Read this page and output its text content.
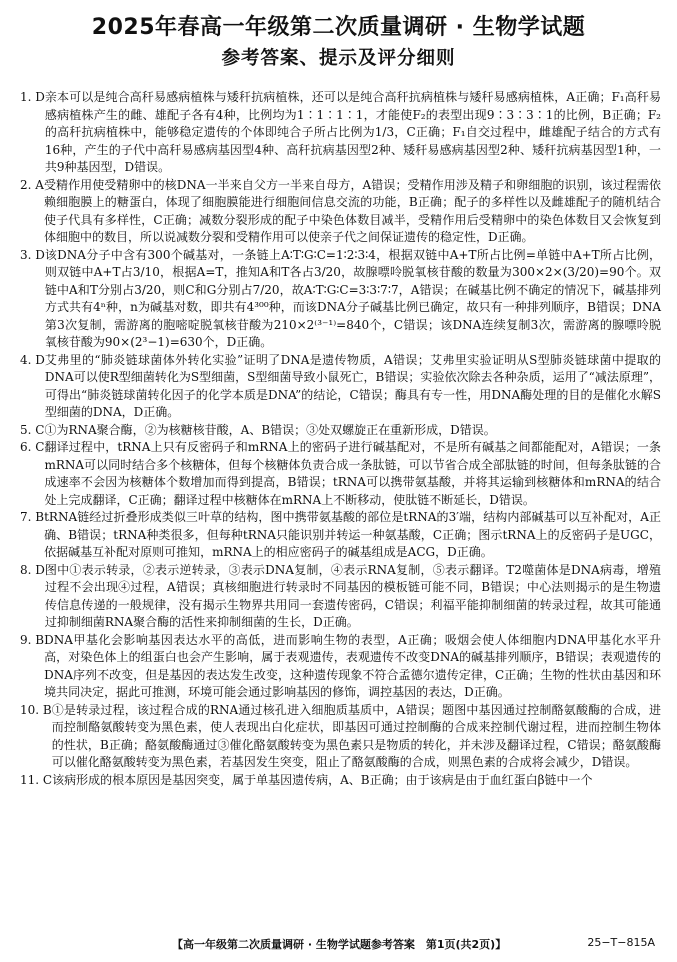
2025年春高一年级第二次质量调研 · 生物学试题
参考答案、提示及评分细则

1. D 亲本可以是纯合高秆易感病植株与矮秆抗病植株，还可以是纯合高秆抗病植株与矮秆易感病植株，A正确；F₁高秆易感病植株产生的雌、雄配子各有4种，比例均为1∶1∶1∶1，才能使F₂的表型出现9∶3∶3∶1的比例，B正确；F₂的高秆抗病植株中，能够稳定遗传的个体即纯合子所占比例为1/3，C正确；F₁自交过程中，雌雄配子结合的方式有16种，产生的子代中高秆易感病基因型4种、高秆抗病基因型2种、矮秆易感病基因型2种、矮秆抗病基因型1种，一共9种基因型，D错误。

2. A 受精作用使受精卵中的核DNA一半来自父方一半来自母方，A错误；受精作用涉及精子和卵细胞的识别，该过程需依赖细胞膜上的糖蛋白，体现了细胞膜能进行细胞间信息交流的功能，B正确；配子的多样性以及雌雄配子的随机结合使子代具有多样性，C正确；减数分裂形成的配子中染色体数目减半，受精作用后受精卵中的染色体数目又会恢复到体细胞中的数目，所以说减数分裂和受精作用可以使亲子代之间保证遗传的稳定性，D正确。

3. D 该DNA分子中含有300个碱基对，一条链上A∶T∶G∶C=1∶2∶3∶4，根据双链中A+T所占比例=单链中A+T所占比例，则双链中A+T占3/10，根据A=T，推知A和T各占3/20，故腺嘌呤脱氧核苷酸的数量为300×2×(3/20)=90个。双链中A和T分别占3/20，则C和G分别占7/20，故A∶T∶G∶C=3∶3∶7∶7，A错误；在碱基比例不确定的情况下，碱基排列方式共有4ⁿ种，n为碱基对数，即共有4³⁰⁰种，而该DNA分子碱基比例已确定，故只有一种排列顺序，B错误；DNA第3次复制，需游离的胞嘧啶脱氧核苷酸为210×2⁽³⁻¹⁾=840个，C错误；该DNA连续复制3次，需游离的腺嘌呤脱氧核苷酸为90×(2³−1)=630个，D正确。

4. D 艾弗里的“肺炎链球菌体外转化实验”证明了DNA是遗传物质，A错误；艾弗里实验证明从S型肺炎链球菌中提取的DNA可以使R型细菌转化为S型细菌，S型细菌导致小鼠死亡，B错误；实验依次除去各种杂质，运用了“减法原理”，可得出“肺炎链球菌转化因子的化学本质是DNA”的结论，C错误；酶具有专一性，用DNA酶处理的目的是催化水解S型细菌的DNA，D正确。

5. C ①为RNA聚合酶，②为核糖核苷酸，A、B错误；③处双螺旋正在重新形成，D错误。

6. C 翻译过程中，tRNA上只有反密码子和mRNA上的密码子进行碱基配对，不是所有碱基之间都能配对，A错误；一条mRNA可以同时结合多个核糖体，但每个核糖体负责合成一条肽链，可以节省合成全部肽链的时间，但每条肽链的合成速率不会因为核糖体个数增加而得到提高，B错误；tRNA可以携带氨基酸，并将其运输到核糖体和mRNA的结合处上完成翻译，C正确；翻译过程中核糖体在mRNA上不断移动，使肽链不断延长，D错误。

7. B tRNA链经过折叠形成类似三叶草的结构，图中携带氨基酸的部位是tRNA的3′端，结构内部碱基可以互补配对，A正确、B错误；tRNA种类很多，但每种tRNA只能识别并转运一种氨基酸，C正确；图示tRNA上的反密码子是UGC，依据碱基互补配对原则可推知，mRNA上的相应密码子的碱基组成是ACG，D正确。

8. D 图中①表示转录，②表示逆转录，③表示DNA复制，④表示RNA复制，⑤表示翻译。T2噬菌体是DNA病毒，增殖过程不会出现④过程，A错误；真核细胞进行转录时不同基因的模板链可能不同，B错误；中心法则揭示的是生物遗传信息传递的一般规律，没有揭示生物界共用同一套遗传密码，C错误；利福平能抑制细菌的转录过程，故其可能通过抑制细菌RNA聚合酶的活性来抑制细菌的生长，D正确。

9. B DNA甲基化会影响基因表达水平的高低，进而影响生物的表型，A正确；吸烟会使人体细胞内DNA甲基化水平升高，对染色体上的组蛋白也会产生影响，属于表观遗传，表观遗传不改变DNA的碱基排列顺序，B错误；表观遗传的DNA序列不改变，但是基因的表达发生改变，这种遗传现象不符合孟德尔遗传定律，C正确；生物的性状由基因和环境共同决定，据此可推测，环境可能会通过影响基因的修饰，调控基因的表达，D正确。

10. B ①是转录过程，该过程合成的RNA通过核孔进入细胞质基质中，A错误；题图中基因通过控制酪氨酸酶的合成，进而控制酪氨酸转变为黑色素，使人表现出白化症状，即基因可通过控制酶的合成来控制代谢过程，进而控制生物体的性状，B正确；酪氨酸酶通过③催化酪氨酸转变为黑色素只是物质的转化，并未涉及翻译过程，C错误；酪氨酸酶可以催化酪氨酸转变为黑色素，若基因发生突变，阻止了酪氨酸酶的合成，则黑色素的合成将会减少，D错误。

11. C 该病形成的根本原因是基因突变，属于单基因遗传病，A、B正确；由于该病是由于血红蛋白β链中一个

【高一年级第二次质量调研 · 生物学试题参考答案　第1页(共2页)】	25−T−815A
